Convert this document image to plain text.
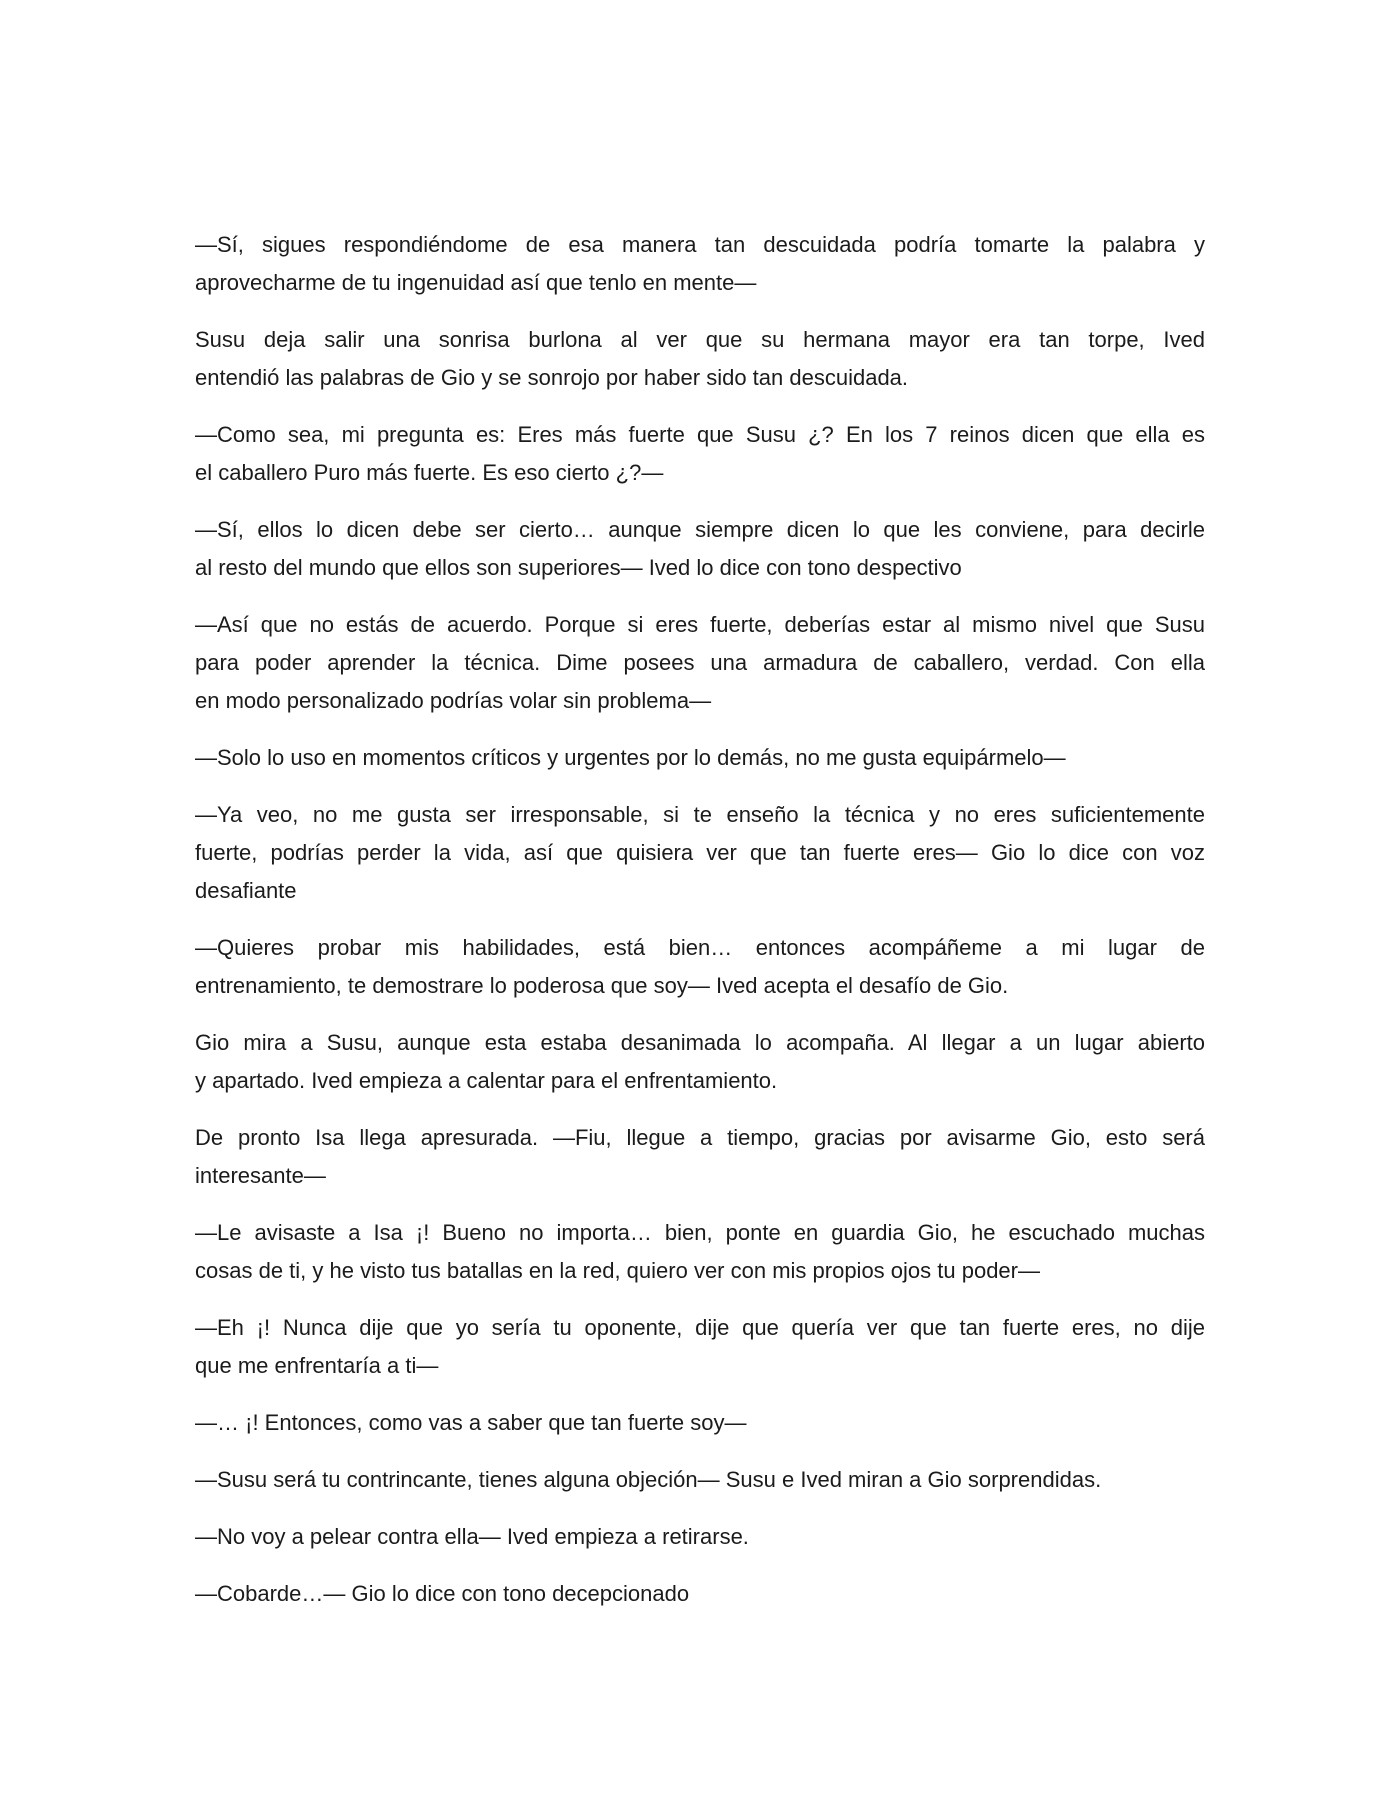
—Sí, sigues respondiéndome de esa manera tan descuidada podría tomarte la palabra y
aprovecharme de tu ingenuidad así que tenlo en mente—
Susu deja salir una sonrisa burlona al ver que su hermana mayor era tan torpe, Ived
entendió las palabras de Gio y se sonrojo por haber sido tan descuidada.
—Como sea, mi pregunta es: Eres más fuerte que Susu ¿? En los 7 reinos dicen que ella es
el caballero Puro más fuerte. Es eso cierto ¿?—
—Sí, ellos lo dicen debe ser cierto… aunque siempre dicen lo que les conviene, para decirle
al resto del mundo que ellos son superiores— Ived lo dice con tono despectivo
—Así que no estás de acuerdo. Porque si eres fuerte, deberías estar al mismo nivel que Susu
para poder aprender la técnica. Dime posees una armadura de caballero, verdad. Con ella
en modo personalizado podrías volar sin problema—
—Solo lo uso en momentos críticos y urgentes por lo demás, no me gusta equipármelo—
—Ya veo, no me gusta ser irresponsable, si te enseño la técnica y no eres suficientemente
fuerte, podrías perder la vida, así que quisiera ver que tan fuerte eres— Gio lo dice con voz
desafiante
—Quieres probar mis habilidades, está bien… entonces acompáñeme a mi lugar de
entrenamiento, te demostrare lo poderosa que soy— Ived acepta el desafío de Gio.
Gio mira a Susu, aunque esta estaba desanimada lo acompaña. Al llegar a un lugar abierto
y apartado. Ived empieza a calentar para el enfrentamiento.
De pronto Isa llega apresurada. —Fiu, llegue a tiempo, gracias por avisarme Gio, esto será
interesante—
—Le avisaste a Isa ¡! Bueno no importa… bien, ponte en guardia Gio, he escuchado muchas
cosas de ti, y he visto tus batallas en la red, quiero ver con mis propios ojos tu poder—
—Eh ¡! Nunca dije que yo sería tu oponente, dije que quería ver que tan fuerte eres, no dije
que me enfrentaría a ti—
—… ¡! Entonces, como vas a saber que tan fuerte soy—
—Susu será tu contrincante, tienes alguna objeción— Susu e Ived miran a Gio sorprendidas.
—No voy a pelear contra ella— Ived empieza a retirarse.
—Cobarde…— Gio lo dice con tono decepcionado
